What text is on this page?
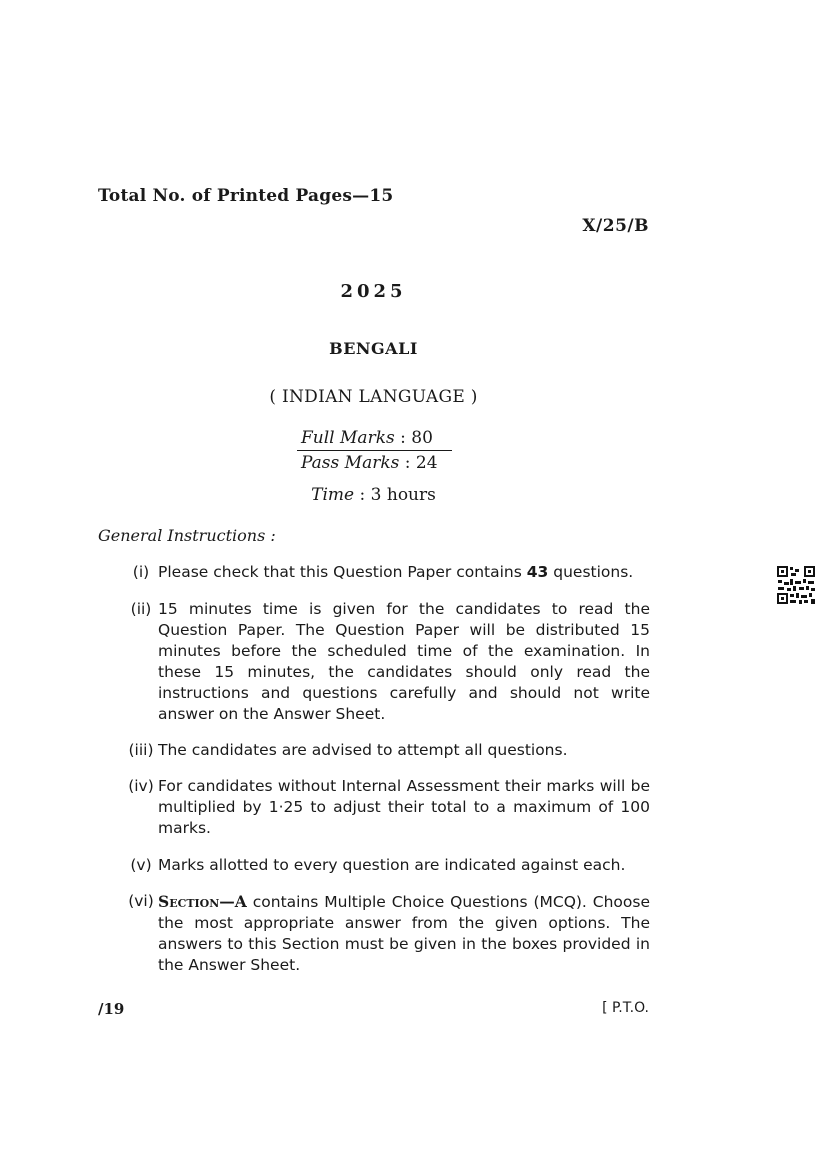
Total No. of Printed Pages—15
X/25/B
2025
BENGALI
( INDIAN LANGUAGE )
Full Marks : 80
Pass Marks : 24
Time : 3 hours
General Instructions :
(i) Please check that this Question Paper contains 43 questions.
(ii) 15 minutes time is given for the candidates to read the Question Paper. The Question Paper will be distributed 15 minutes before the scheduled time of the examination. In these 15 minutes, the candidates should only read the instructions and questions carefully and should not write answer on the Answer Sheet.
(iii) The candidates are advised to attempt all questions.
(iv) For candidates without Internal Assessment their marks will be multiplied by 1·25 to adjust their total to a maximum of 100 marks.
(v) Marks allotted to every question are indicated against each.
(vi) Section—A contains Multiple Choice Questions (MCQ). Choose the most appropriate answer from the given options. The answers to this Section must be given in the boxes provided in the Answer Sheet.
/19	[ P.T.O.
